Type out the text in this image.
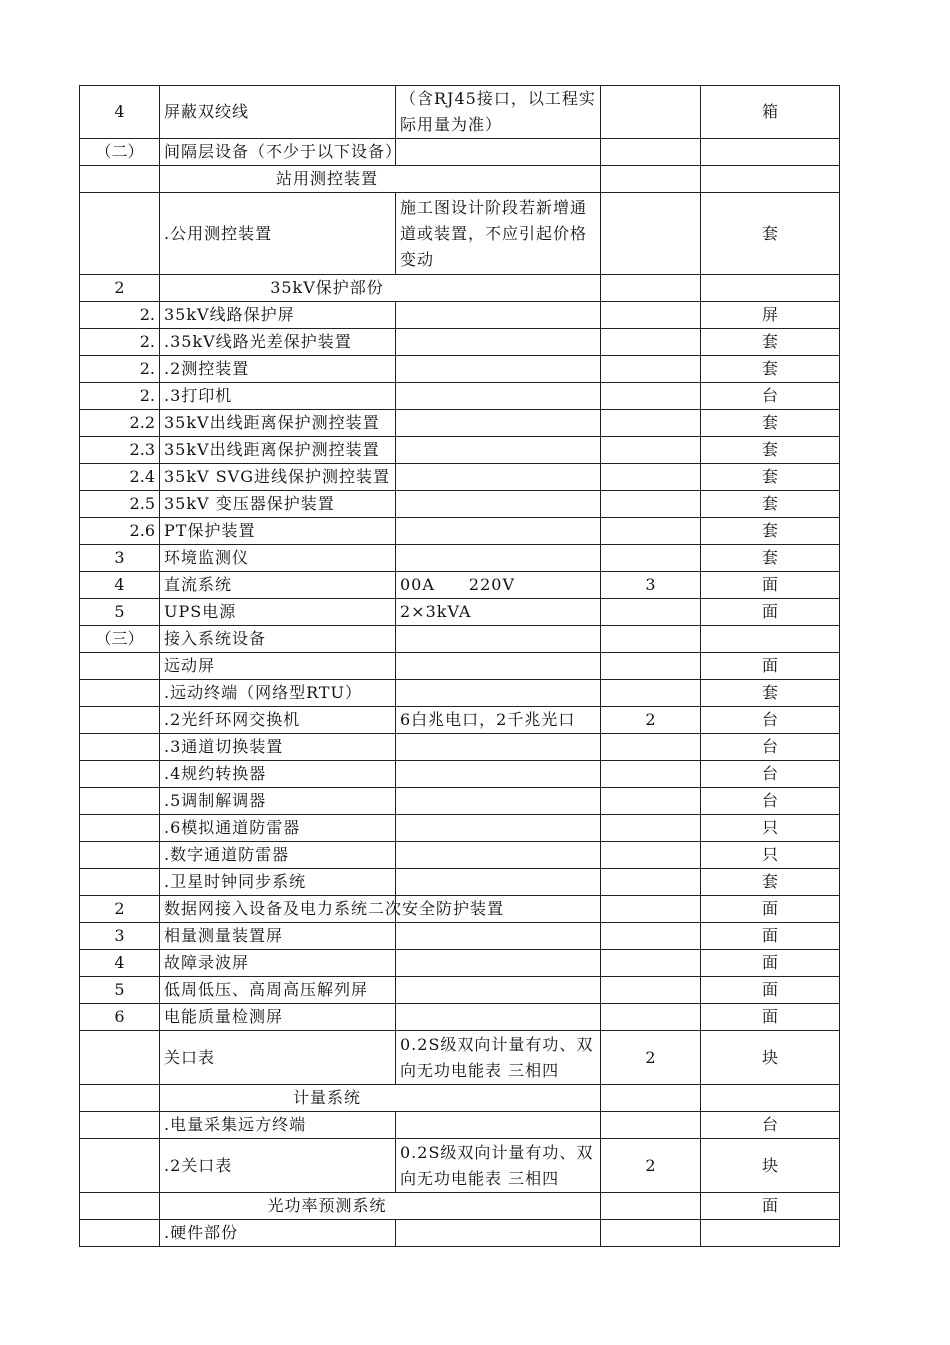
4	屏蔽双绞线	（含RJ45接口，以工程实际用量为准）		箱
（二）	间隔层设备（不少于以下设备）			
	站用测控装置			
	.公用测控装置	施工图设计阶段若新增通道或装置，不应引起价格变动		套
2	35kV保护部份			
2.	35kV线路保护屏			屏
2.	.35kV线路光差保护装置			套
2.	.2测控装置			套
2.	.3打印机			台
2.2	35kV出线距离保护测控装置			套
2.3	35kV出线距离保护测控装置			套
2.4	35kV SVG进线保护测控装置			套
2.5	35kV 变压器保护装置			套
2.6	PT保护装置			套
3	环境监测仪			套
4	直流系统	00A　　220V	3	面
5	UPS电源	2×3kVA		面
（三）	接入系统设备			
	远动屏			面
	.远动终端（网络型RTU）			套
	.2光纤环网交换机	6白兆电口，2千兆光口	2	台
	.3通道切换装置			台
	.4规约转换器			台
	.5调制解调器			台
	.6模拟通道防雷器			只
	.数字通道防雷器			只
	.卫星时钟同步系统			套
2	数据网接入设备及电力系统二次安全防护装置			面
3	相量测量装置屏			面
4	故障录波屏			面
5	低周低压、高周高压解列屏			面
6	电能质量检测屏			面
	关口表	0.2S级双向计量有功、双向无功电能表 三相四	2	块
	计量系统			
	.电量采集远方终端			台
	.2关口表	0.2S级双向计量有功、双向无功电能表 三相四	2	块
	光功率预测系统			面
	.硬件部份			
